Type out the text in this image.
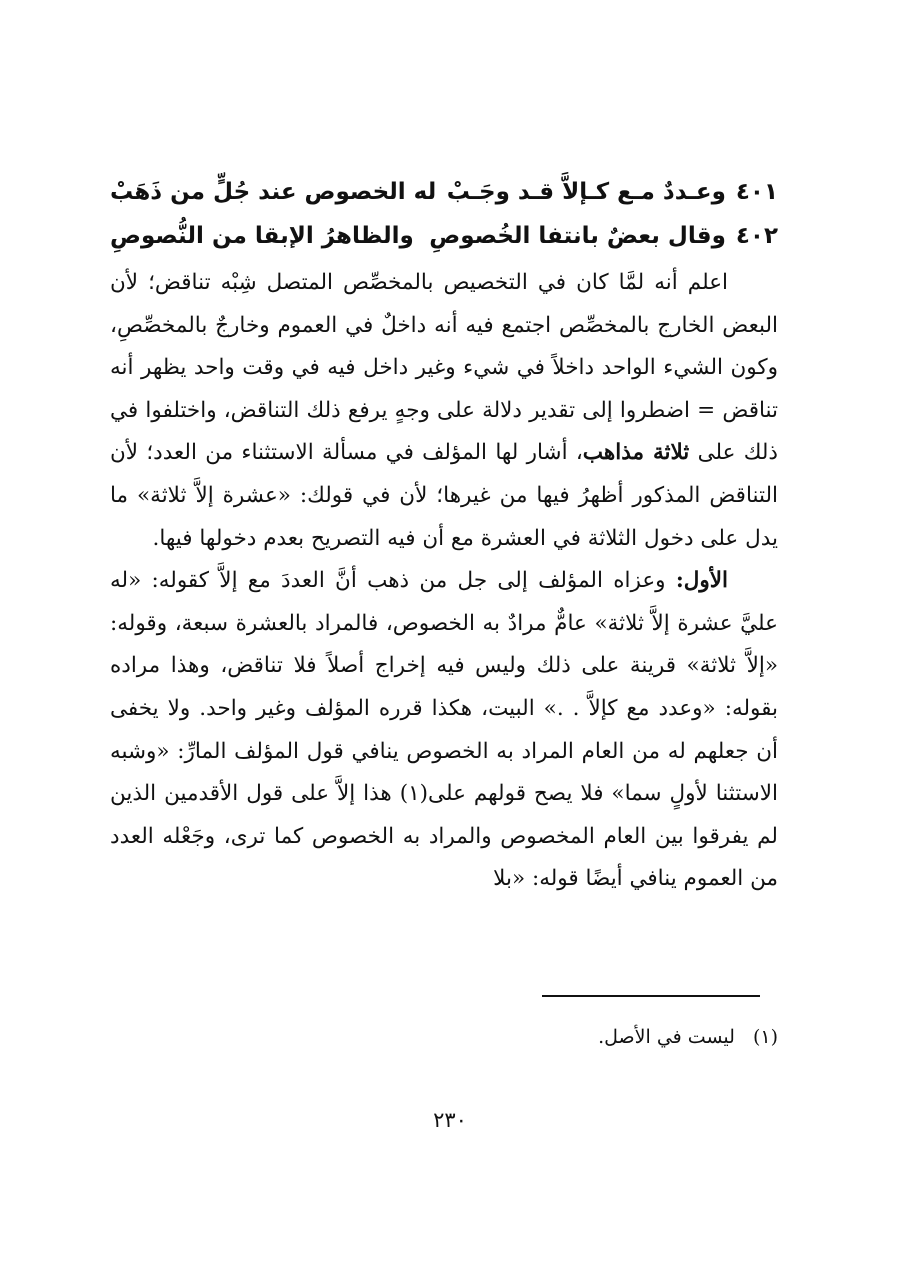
٤٠١
وعـددٌ مـع كـإلاَّ قـد وجَـبْ
له الخصوص عند جُلٍّ من ذَهَبْ
٤٠٢
وقال بعضٌ بانتفا الخُصوصِ
والظاهرُ الإبقا من النُّصوصِ

اعلم أنه لمَّا كان في التخصيص بالمخصِّص المتصل شِبْه تناقض؛ لأن البعض الخارج بالمخصِّص اجتمع فيه أنه داخلٌ في العموم وخارجٌ بالمخصِّصِ، وكون الشيء الواحد داخلاً في شيء وغير داخل فيه في وقت واحد يظهر أنه تناقض = اضطروا إلى تقدير دلالة على وجهٍ يرفع ذلك التناقض، واختلفوا في ذلك على ثلاثة مذاهب، أشار لها المؤلف في مسألة الاستثناء من العدد؛ لأن التناقض المذكور أظهرُ فيها من غيرها؛ لأن في قولك: «عشرة إلاَّ ثلاثة» ما يدل على دخول الثلاثة في العشرة مع أن فيه التصريح بعدم دخولها فيها.

الأول: وعزاه المؤلف إلى جل من ذهب أنَّ العددَ مع إلاَّ كقوله: «له عليَّ عشرة إلاَّ ثلاثة» عامٌّ مرادٌ به الخصوص، فالمراد بالعشرة سبعة، وقوله: «إلاَّ ثلاثة» قرينة على ذلك وليس فيه إخراج أصلاً فلا تناقض، وهذا مراده بقوله: «وعدد مع كإلاَّ . .» البيت، هكذا قرره المؤلف وغير واحد. ولا يخفى أن جعلهم له من العام المراد به الخصوص ينافي قول المؤلف المارِّ: «وشبه الاستثنا لأولٍ سما» فلا يصح قولهم على(١) هذا إلاَّ على قول الأقدمين الذين لم يفرقوا بين العام المخصوص والمراد به الخصوص كما ترى، وجَعْله العدد من العموم ينافي أيضًا قوله: «بلا

(١)ليست في الأصل.
٢٣٠
